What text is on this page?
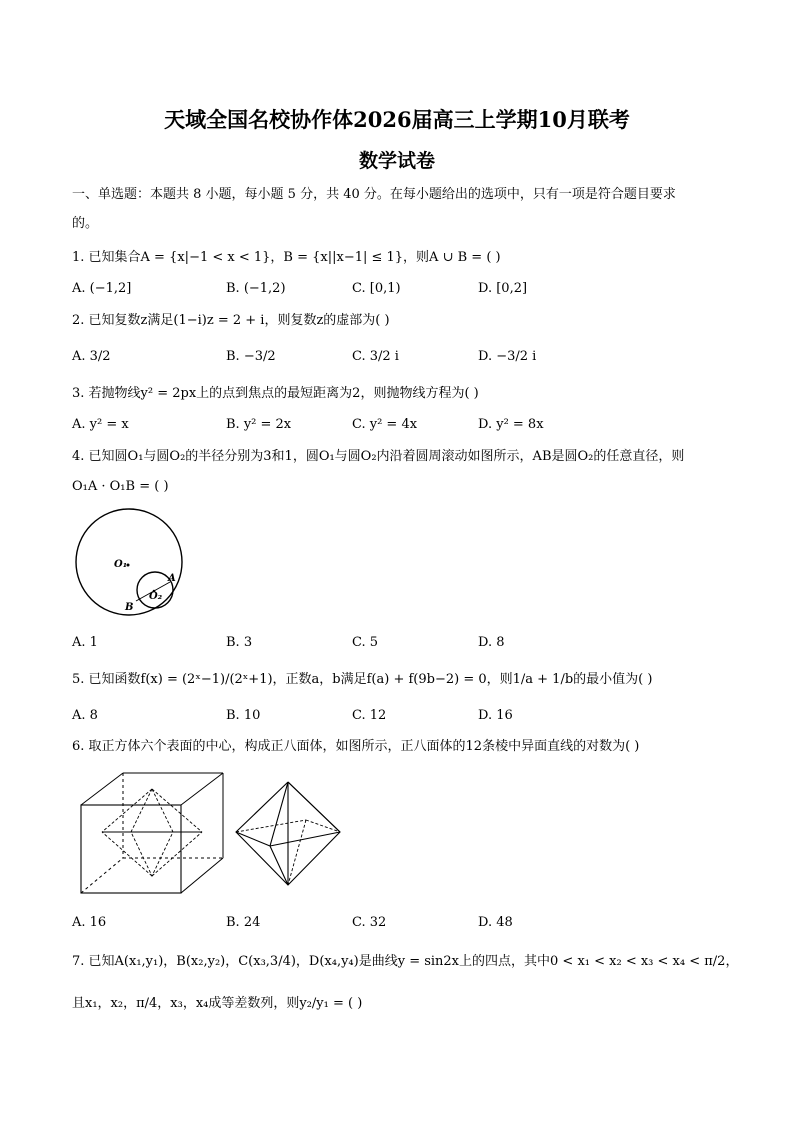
天域全国名校协作体2026届高三上学期10月联考
数学试卷
一、单选题：本题共 8 小题，每小题 5 分，共 40 分。在每小题给出的选项中，只有一项是符合题目要求
的。
1. 已知集合A = {x|−1 < x < 1}，B = {x||x−1| ≤ 1}，则A ∪ B = ( )
A. (−1,2]	B. (−1,2)	C. [0,1)	D. [0,2]
2. 已知复数z满足(1−i)z = 2 + i，则复数z的虚部为( )
A. 3/2	B. −3/2	C. 3/2 i	D. −3/2 i
3. 若抛物线y² = 2px上的点到焦点的最短距离为2，则抛物线方程为( )
A. y² = x	B. y² = 2x	C. y² = 4x	D. y² = 8x
4. 已知圆O₁与圆O₂的半径分别为3和1，圆O₁与圆O₂内沿着圆周滚动如图所示，AB是圆O₂的任意直径，则
O₁A · O₁B = ( )
O₁
O₂
A
B
A. 1	B. 3	C. 5	D. 8
5. 已知函数f(x) = (2ˣ−1)/(2ˣ+1)，正数a，b满足f(a) + f(9b−2) = 0，则1/a + 1/b的最小值为( )
A. 8	B. 10	C. 12	D. 16
6. 取正方体六个表面的中心，构成正八面体，如图所示，正八面体的12条棱中异面直线的对数为( )
A. 16	B. 24	C. 32	D. 48
7. 已知A(x₁,y₁)，B(x₂,y₂)，C(x₃,3/4)，D(x₄,y₄)是曲线y = sin2x上的四点，其中0 < x₁ < x₂ < x₃ < x₄ < π/2，
且x₁，x₂，π/4，x₃，x₄成等差数列，则y₂/y₁ = ( )
